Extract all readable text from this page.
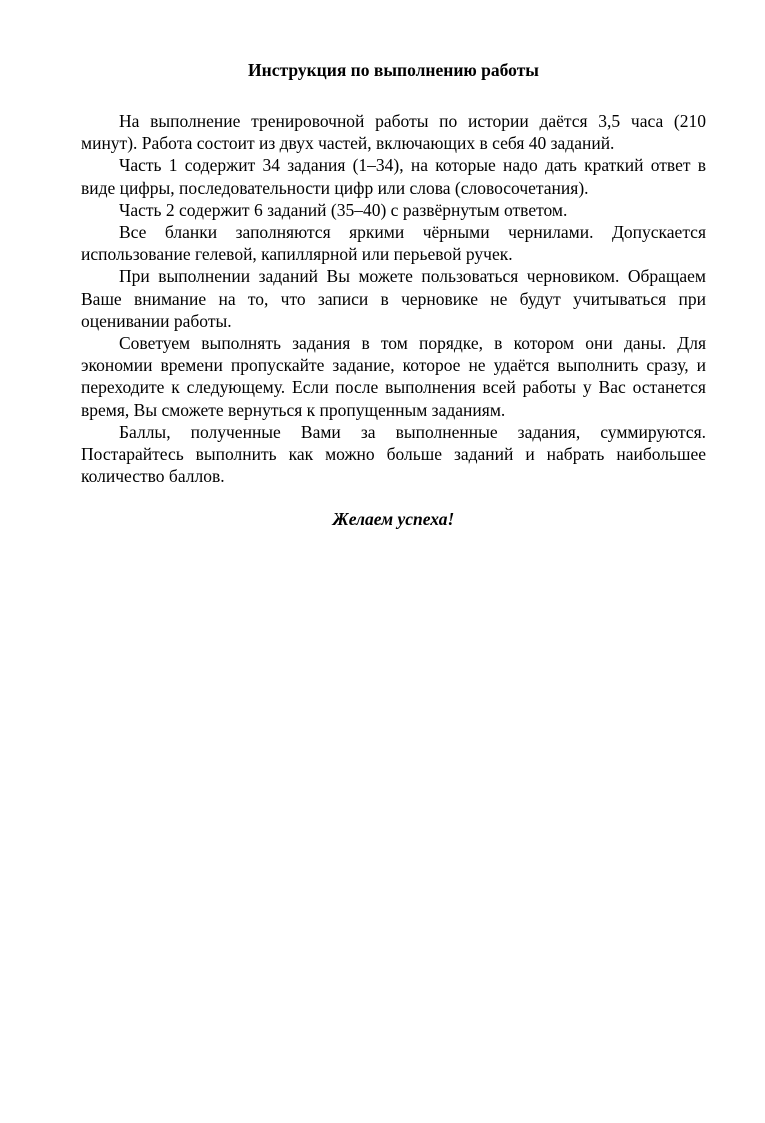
Инструкция по выполнению работы

На выполнение тренировочной работы по истории даётся 3,5 часа (210 минут). Работа состоит из двух частей, включающих в себя 40 заданий.

Часть 1 содержит 34 задания (1–34), на которые надо дать краткий ответ в виде цифры, последовательности цифр или слова (словосочетания).

Часть 2 содержит 6 заданий (35–40) с развёрнутым ответом.

Все бланки заполняются яркими чёрными чернилами. Допускается использование гелевой, капиллярной или перьевой ручек.

При выполнении заданий Вы можете пользоваться черновиком. Обращаем Ваше внимание на то, что записи в черновике не будут учитываться при оценивании работы.

Советуем выполнять задания в том порядке, в котором они даны. Для экономии времени пропускайте задание, которое не удаётся выполнить сразу, и переходите к следующему. Если после выполнения всей работы у Вас останется время, Вы сможете вернуться к пропущенным заданиям.

Баллы, полученные Вами за выполненные задания, суммируются. Постарайтесь выполнить как можно больше заданий и набрать наибольшее количество баллов.

Желаем успеха!
